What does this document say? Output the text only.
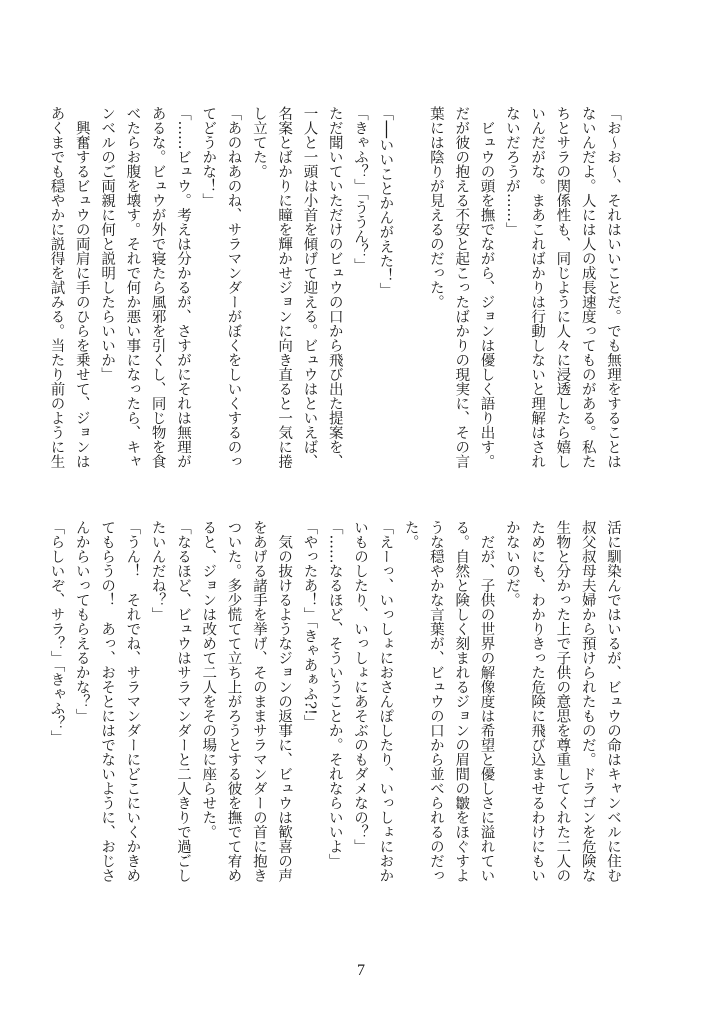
「お〜お〜、それはいいことだ。でも無理をすることは
ないんだよ。人には人の成長速度ってものがある。私た
ちとサラの関係性も、同じように人々に浸透したら嬉し
いんだがな。まあこればかりは行動しないと理解はされ
ないだろうが……」
　ビュウの頭を撫でながら、ジョンは優しく語り出す。
だが彼の抱える不安と起こったばかりの現実に、その言
葉には陰りが見えるのだった。

「──いいことかんがえた！」
「きゃふ？」「ううん？」
ただ聞いていただけのビュウの口から飛び出た提案を、
一人と一頭は小首を傾げて迎える。ビュウはといえば、
名案とばかりに瞳を輝かせジョンに向き直ると一気に捲
し立てた。
「あのねあのね、サラマンダーがぼくをしいくするのっ
てどうかな！」
「……ビュウ。考えは分かるが、さすがにそれは無理が
あるな。ビュウが外で寝たら風邪を引くし、同じ物を食
べたらお腹を壊す。それで何か悪い事になったら、キャ
ンベルのご両親に何と説明したらいいか」
　興奮するビュウの両肩に手のひらを乗せて、ジョンは
あくまでも穏やかに説得を試みる。当たり前のように生
活に馴染んではいるが、ビュウの命はキャンベルに住む
叔父叔母夫婦から預けられたものだ。ドラゴンを危険な
生物と分かった上で子供の意思を尊重してくれた二人の
ためにも、わかりきった危険に飛び込ませるわけにもい
かないのだ。
　だが、子供の世界の解像度は希望と優しさに溢れてい
る。自然と険しく刻まれるジョンの眉間の皺をほぐすよ
うな穏やかな言葉が、ビュウの口から並べられるのだっ
た。
「えーっ、いっしょにおさんぽしたり、いっしょにおか
いものしたり、いっしょにあそぶのもダメなの？」
「……なるほど、そういうことか。それならいいよ」
「やったあ！」「きゃあぁふ?!」
　気の抜けるようなジョンの返事に、ビュウは歓喜の声
をあげる諸手を挙げ、そのままサラマンダーの首に抱き
ついた。多少慌てて立ち上がろうとする彼を撫でて宥め
ると、ジョンは改めて二人をその場に座らせた。
「なるほど、ビュウはサラマンダーと二人きりで過ごし
たいんだね？」
「うん！　それでね、サラマンダーにどこにいくかきめ
てもらうの！　あっ、おそとにはでないように、おじさ
んからいってもらえるかな？」
「らしいぞ、サラ？」「きゃふ？」
7
